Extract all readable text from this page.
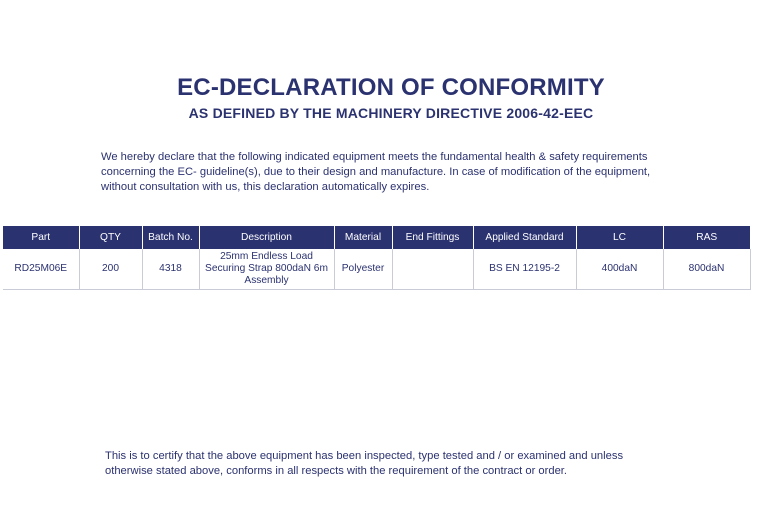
EC-DECLARATION OF CONFORMITY
AS DEFINED BY THE MACHINERY DIRECTIVE 2006-42-EEC
We hereby declare that the following indicated equipment meets the fundamental health & safety requirements
concerning the EC- guideline(s), due to their design and manufacture. In case of modification of the equipment,
without consultation with us, this declaration automatically expires.
Part	QTY	Batch No.	Description	Material	End Fittings	Applied Standard	LC	RAS
RD25M06E	200	4318	25mm Endless Load Securing Strap 800daN 6m Assembly	Polyester		BS EN 12195-2	400daN	800daN
This is to certify that the above equipment has been inspected, type tested and / or examined and unless
otherwise stated above, conforms in all respects with the requirement of the contract or order.
